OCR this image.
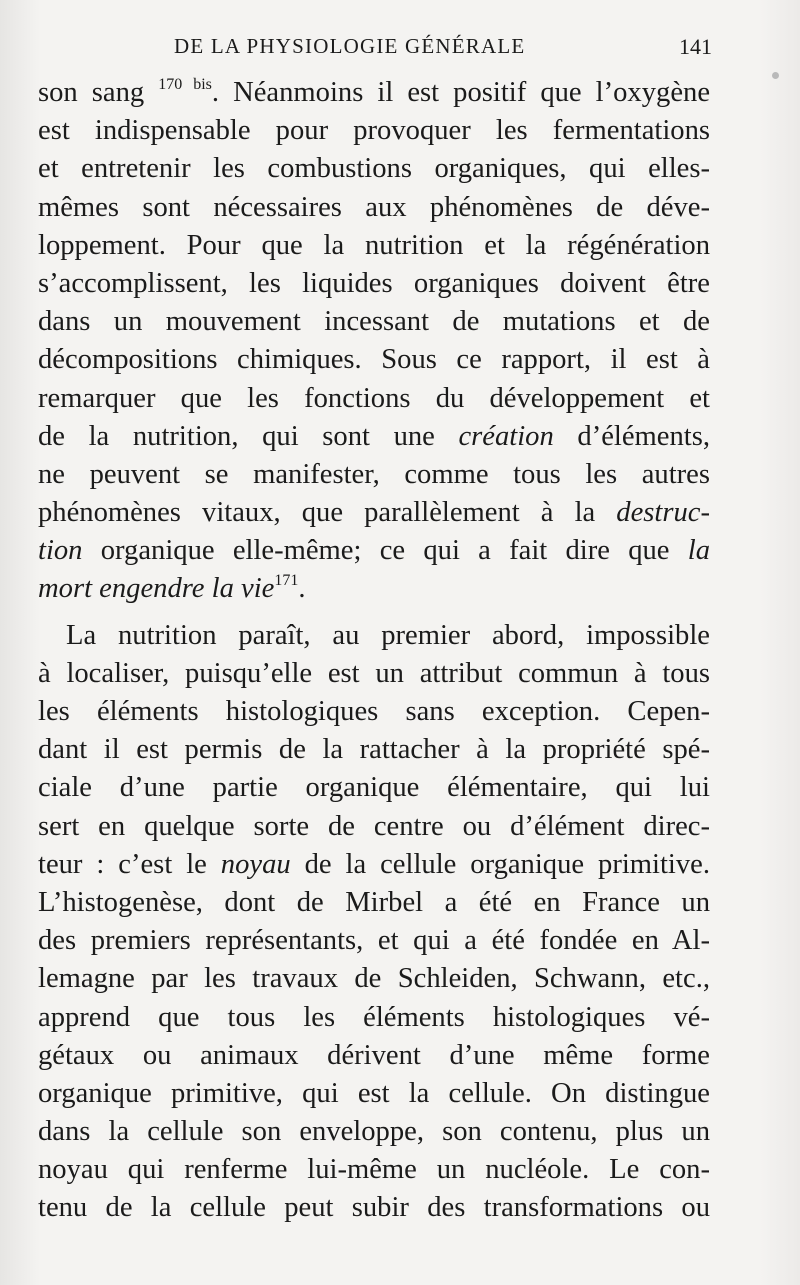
DE LA PHYSIOLOGIE GÉNÉRALE	141
son sang $^{170 bis}$. Néanmoins il est positif que l’oxygène
est indispensable pour provoquer les fermentations
et entretenir les combustions organiques, qui elles-
mêmes sont nécessaires aux phénomènes de déve-
loppement. Pour que la nutrition et la régénération
s’accomplissent, les liquides organiques doivent être
dans un mouvement incessant de mutations et de
décompositions chimiques. Sous ce rapport, il est à
remarquer que les fonctions du développement et
de la nutrition, qui sont une création d’éléments,
ne peuvent se manifester, comme tous les autres
phénomènes vitaux, que parallèlement à la destruc-
tion organique elle-même; ce qui a fait dire que la
mort engendre la vie$^{171}$.
La nutrition paraît, au premier abord, impossible
à localiser, puisqu’elle est un attribut commun à tous
les éléments histologiques sans exception. Cepen-
dant il est permis de la rattacher à la propriété spé-
ciale d’une partie organique élémentaire, qui lui
sert en quelque sorte de centre ou d’élément direc-
teur : c’est le noyau de la cellule organique primitive.
L’histogenèse, dont de Mirbel a été en France un
des premiers représentants, et qui a été fondée en Al-
lemagne par les travaux de Schleiden, Schwann, etc.,
apprend que tous les éléments histologiques vé-
gétaux ou animaux dérivent d’une même forme
organique primitive, qui est la cellule. On distingue
dans la cellule son enveloppe, son contenu, plus un
noyau qui renferme lui-même un nucléole. Le con-
tenu de la cellule peut subir des transformations ou
